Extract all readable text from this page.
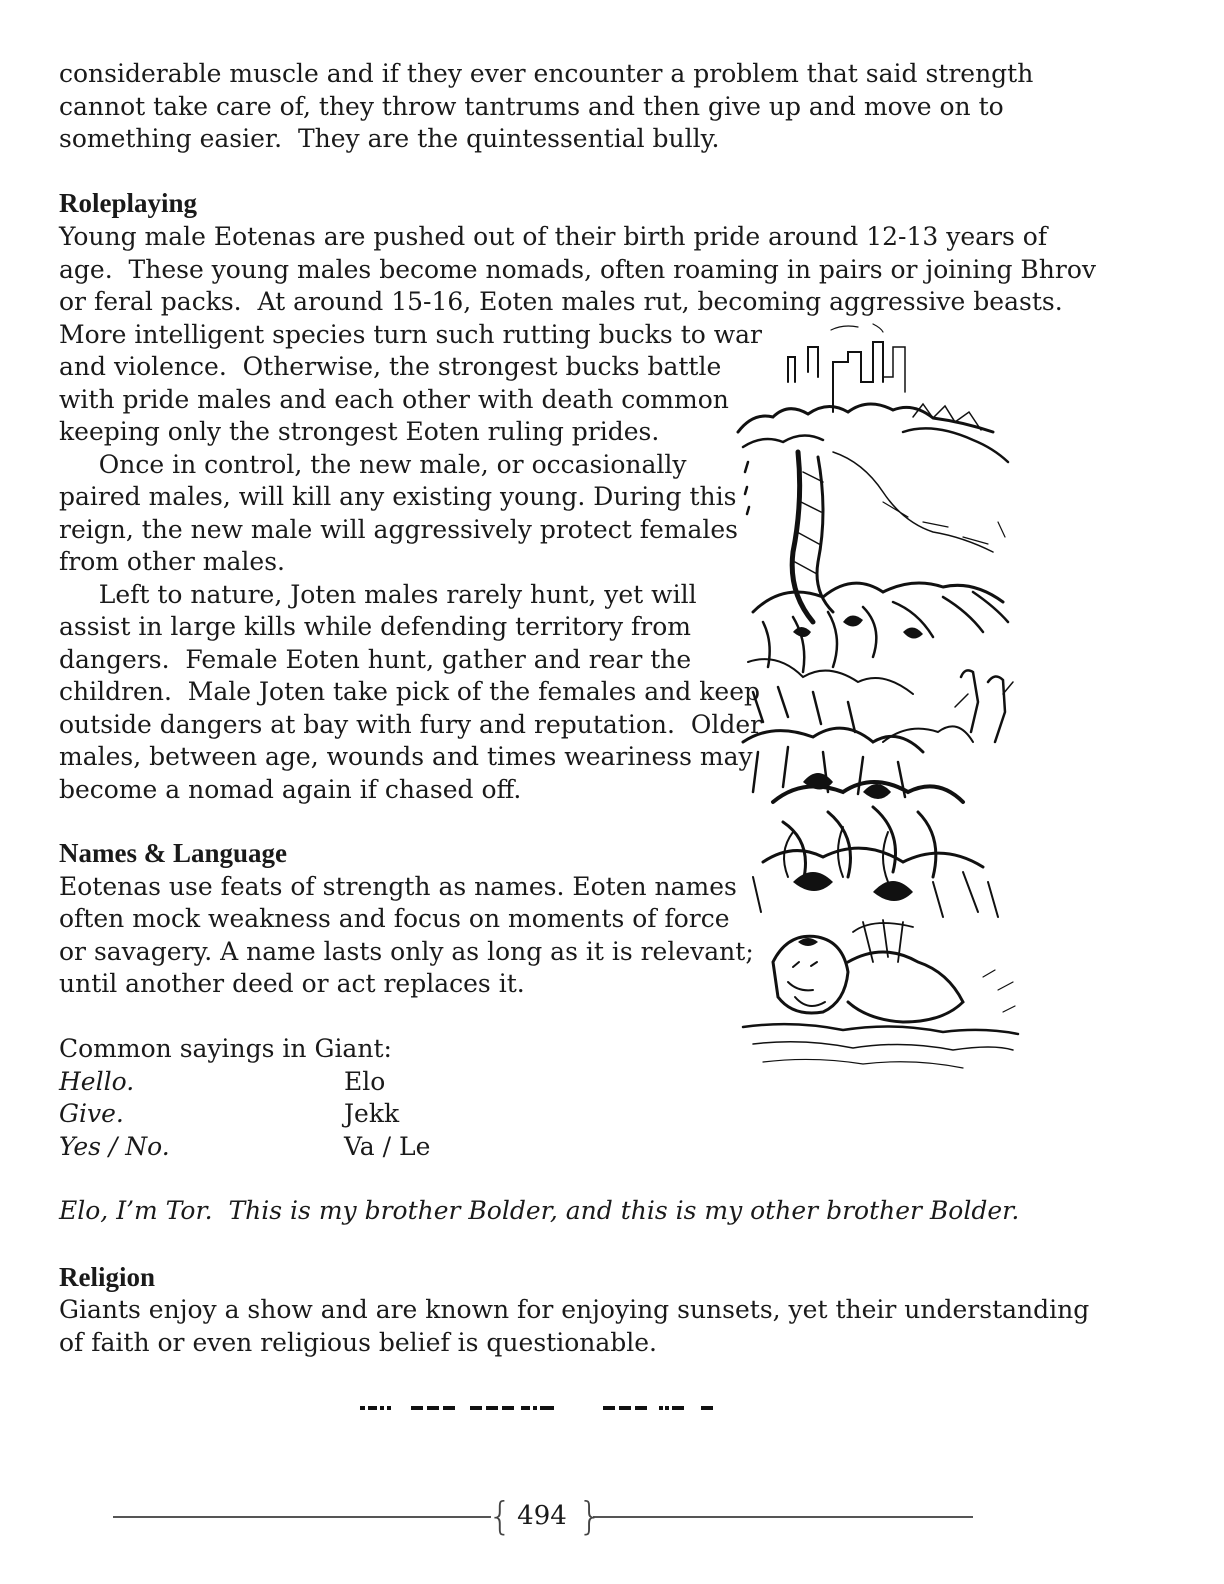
considerable muscle and if they ever encounter a problem that said strength

cannot take care of, they throw tantrums and then give up and move on to

something easier.  They are the quintessential bully.

Roleplaying

Young male Eotenas are pushed out of their birth pride around 12-13 years of

age.  These young males become nomads, often roaming in pairs or joining Bhrov

or feral packs.  At around 15-16, Eoten males rut, becoming aggressive beasts.

More intelligent species turn such rutting bucks to war

and violence.  Otherwise, the strongest bucks battle

with pride males and each other with death common

keeping only the strongest Eoten ruling prides.

Once in control, the new male, or occasionally

paired males, will kill any existing young. During this

reign, the new male will aggressively protect females

from other males.

Left to nature, Joten males rarely hunt, yet will

assist in large kills while defending territory from

dangers.  Female Eoten hunt, gather and rear the

children.  Male Joten take pick of the females and keep

outside dangers at bay with fury and reputation.  Older

males, between age, wounds and times weariness may

become a nomad again if chased off.

Names & Language

Eotenas use feats of strength as names. Eoten names

often mock weakness and focus on moments of force

or savagery. A name lasts only as long as it is relevant;

until another deed or act replaces it.

Common sayings in Giant:

Hello.	Elo

Give.	Jekk

Yes / No.	Va / Le

Elo, I’m Tor.  This is my brother Bolder, and this is my other brother Bolder.

Religion

Giants enjoy a show and are known for enjoying sunsets, yet their understanding

of faith or even religious belief is questionable.

{ }
494
